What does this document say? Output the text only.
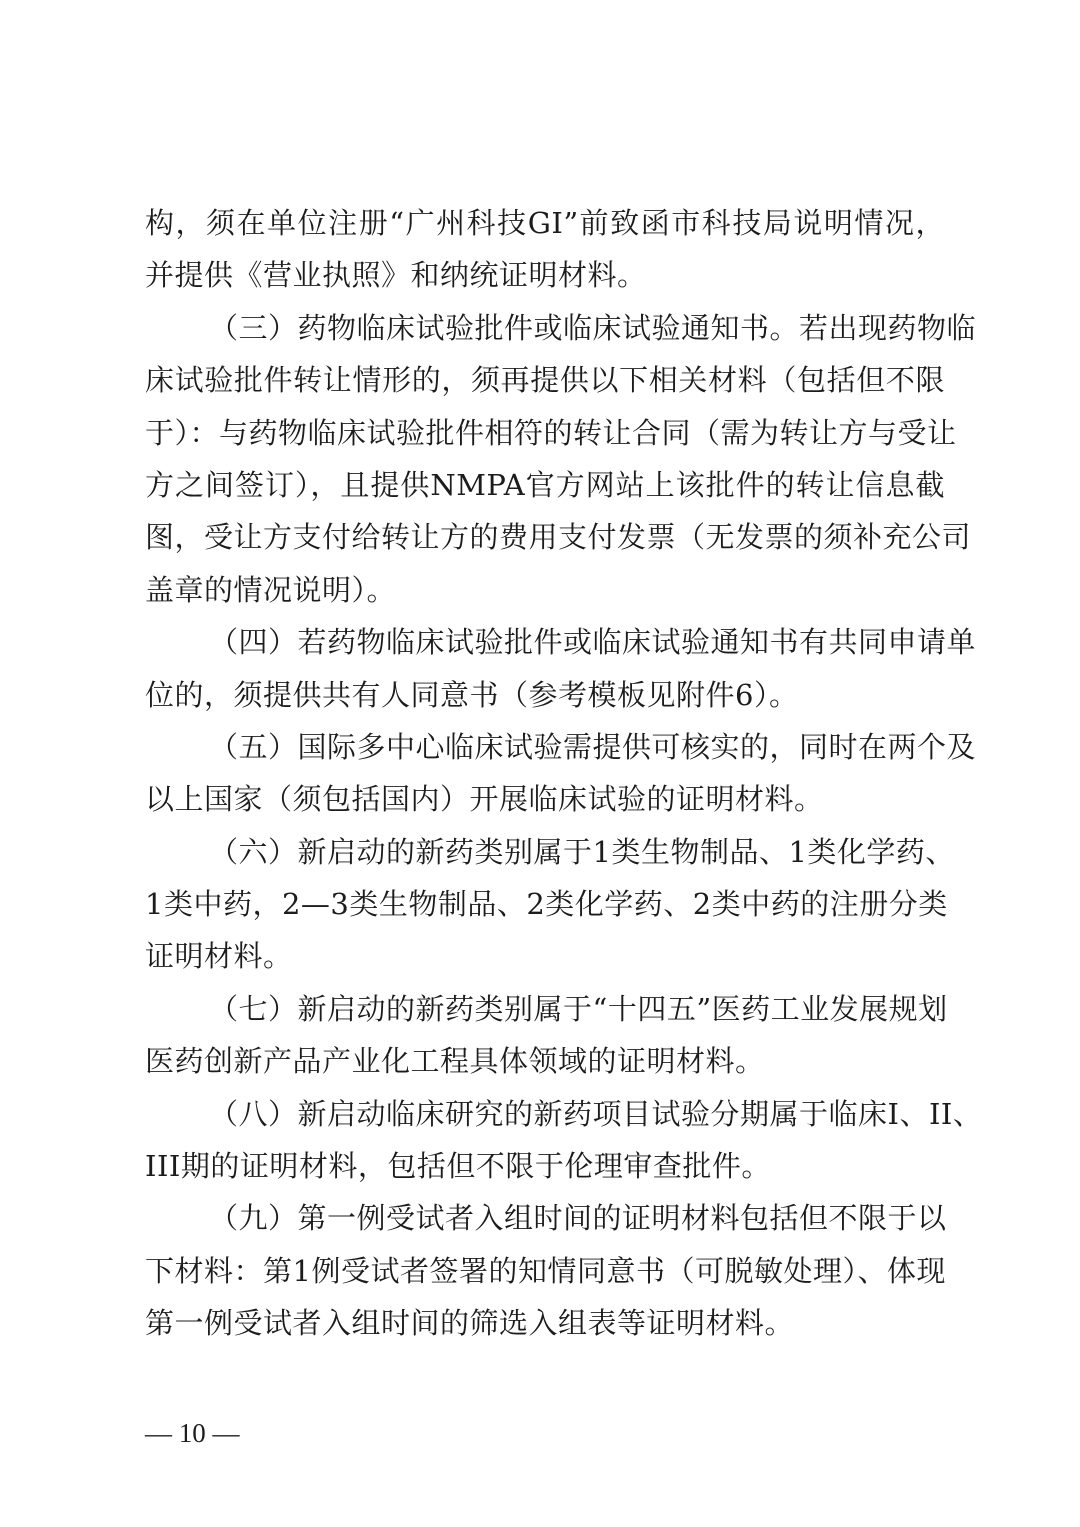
构，须在单位注册“广州科技GI”前致函市科技局说明情况，
并提供《营业执照》和纳统证明材料。
（三）药物临床试验批件或临床试验通知书。若出现药物临
床试验批件转让情形的，须再提供以下相关材料（包括但不限
于）：与药物临床试验批件相符的转让合同（需为转让方与受让
方之间签订），且提供NMPA官方网站上该批件的转让信息截
图，受让方支付给转让方的费用支付发票（无发票的须补充公司
盖章的情况说明）。
（四）若药物临床试验批件或临床试验通知书有共同申请单
位的，须提供共有人同意书（参考模板见附件6）。
（五）国际多中心临床试验需提供可核实的，同时在两个及
以上国家（须包括国内）开展临床试验的证明材料。
（六）新启动的新药类别属于1类生物制品、1类化学药、
1类中药，2—3类生物制品、2类化学药、2类中药的注册分类
证明材料。
（七）新启动的新药类别属于“十四五”医药工业发展规划
医药创新产品产业化工程具体领域的证明材料。
（八）新启动临床研究的新药项目试验分期属于临床I、II、
III期的证明材料，包括但不限于伦理审查批件。
（九）第一例受试者入组时间的证明材料包括但不限于以
下材料：第1例受试者签署的知情同意书（可脱敏处理）、体现
第一例受试者入组时间的筛选入组表等证明材料。
— 10 —
